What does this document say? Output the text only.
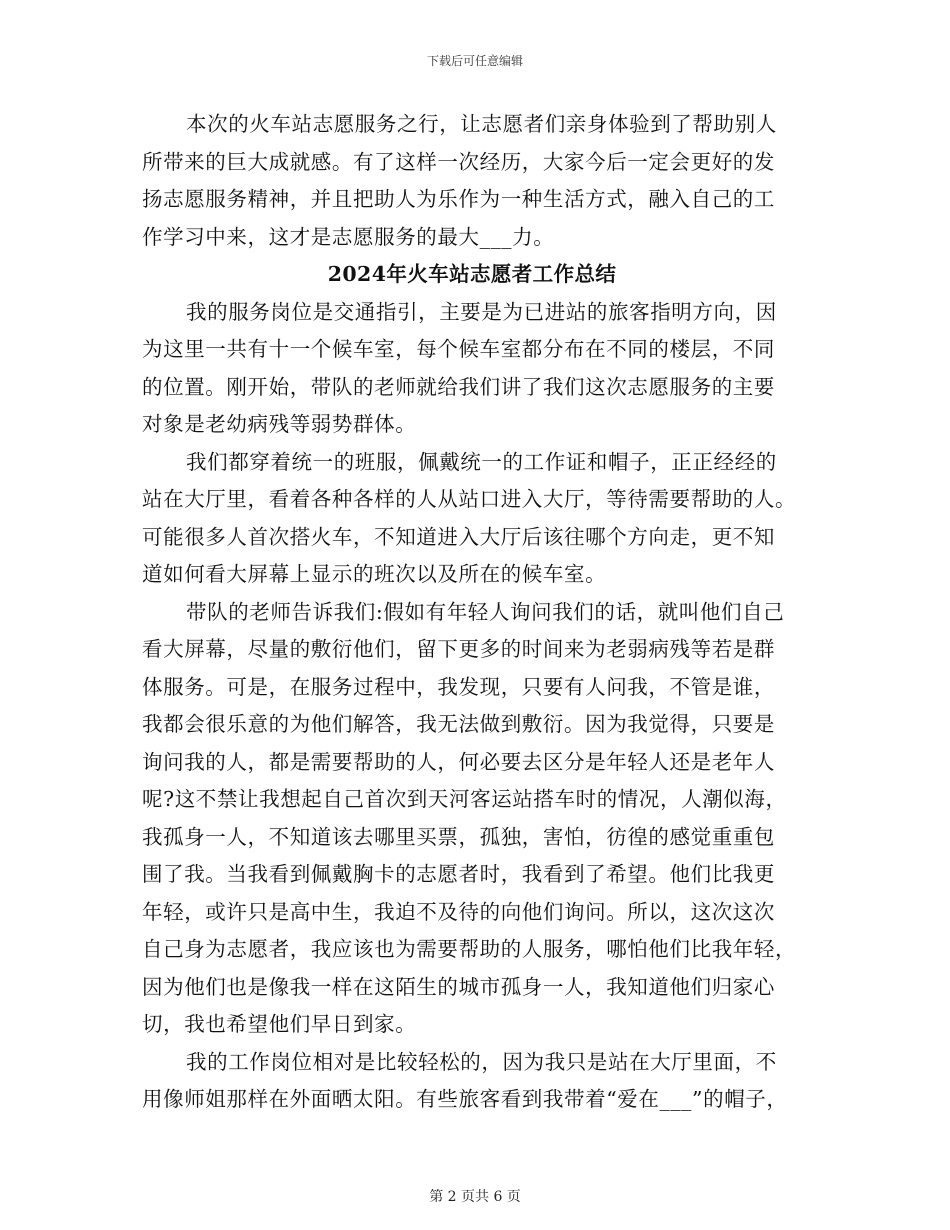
下载后可任意编辑
本次的火车站志愿服务之行，让志愿者们亲身体验到了帮助别人
所带来的巨大成就感。有了这样一次经历，大家今后一定会更好的发
扬志愿服务精神，并且把助人为乐作为一种生活方式，融入自己的工
作学习中来，这才是志愿服务的最大___力。
2024年火车站志愿者工作总结
我的服务岗位是交通指引，主要是为已进站的旅客指明方向，因
为这里一共有十一个候车室，每个候车室都分布在不同的楼层，不同
的位置。刚开始，带队的老师就给我们讲了我们这次志愿服务的主要
对象是老幼病残等弱势群体。
我们都穿着统一的班服，佩戴统一的工作证和帽子，正正经经的
站在大厅里，看着各种各样的人从站口进入大厅，等待需要帮助的人。
可能很多人首次搭火车，不知道进入大厅后该往哪个方向走，更不知
道如何看大屏幕上显示的班次以及所在的候车室。
带队的老师告诉我们:假如有年轻人询问我们的话，就叫他们自己
看大屏幕，尽量的敷衍他们，留下更多的时间来为老弱病残等若是群
体服务。可是，在服务过程中，我发现，只要有人问我，不管是谁，
我都会很乐意的为他们解答，我无法做到敷衍。因为我觉得，只要是
询问我的人，都是需要帮助的人，何必要去区分是年轻人还是老年人
呢?这不禁让我想起自己首次到天河客运站搭车时的情况，人潮似海，
我孤身一人，不知道该去哪里买票，孤独，害怕，彷徨的感觉重重包
围了我。当我看到佩戴胸卡的志愿者时，我看到了希望。他们比我更
年轻，或许只是高中生，我迫不及待的向他们询问。所以，这次这次
自己身为志愿者，我应该也为需要帮助的人服务，哪怕他们比我年轻，
因为他们也是像我一样在这陌生的城市孤身一人，我知道他们归家心
切，我也希望他们早日到家。
我的工作岗位相对是比较轻松的，因为我只是站在大厅里面，不
用像师姐那样在外面晒太阳。有些旅客看到我带着“爱在___”的帽子，
第 2 页共 6 页
